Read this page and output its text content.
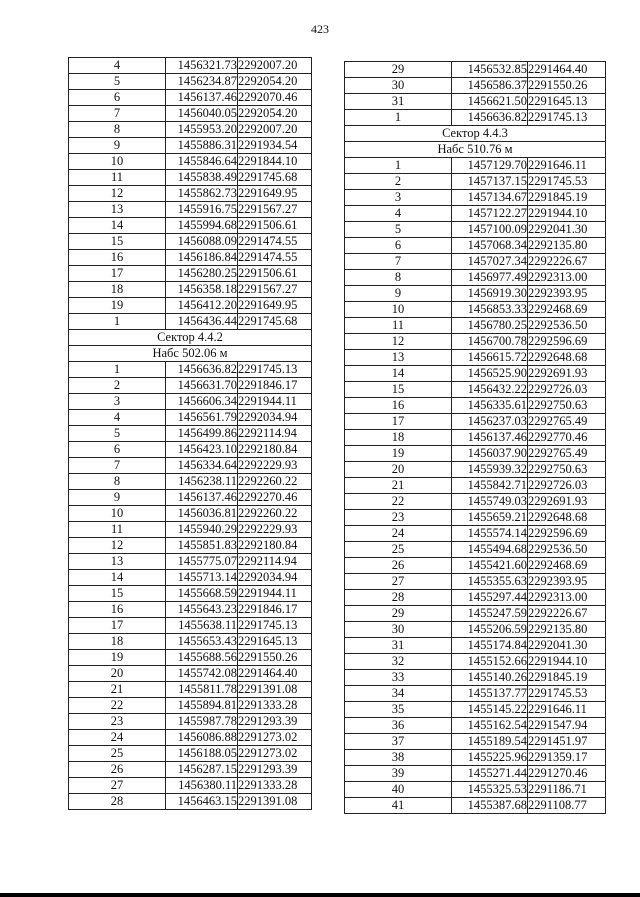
423
4	1456321.73	2292007.20
5	1456234.87	2292054.20
6	1456137.46	2292070.46
7	1456040.05	2292054.20
8	1455953.20	2292007.20
9	1455886.31	2291934.54
10	1455846.64	2291844.10
11	1455838.49	2291745.68
12	1455862.73	2291649.95
13	1455916.75	2291567.27
14	1455994.68	2291506.61
15	1456088.09	2291474.55
16	1456186.84	2291474.55
17	1456280.25	2291506.61
18	1456358.18	2291567.27
19	1456412.20	2291649.95
1	1456436.44	2291745.68
Сектор 4.4.2		
Набс 502.06 м		
1	1456636.82	2291745.13
2	1456631.70	2291846.17
3	1456606.34	2291944.11
4	1456561.79	2292034.94
5	1456499.86	2292114.94
6	1456423.10	2292180.84
7	1456334.64	2292229.93
8	1456238.11	2292260.22
9	1456137.46	2292270.46
10	1456036.81	2292260.22
11	1455940.29	2292229.93
12	1455851.83	2292180.84
13	1455775.07	2292114.94
14	1455713.14	2292034.94
15	1455668.59	2291944.11
16	1455643.23	2291846.17
17	1455638.11	2291745.13
18	1455653.43	2291645.13
19	1455688.56	2291550.26
20	1455742.08	2291464.40
21	1455811.78	2291391.08
22	1455894.81	2291333.28
23	1455987.78	2291293.39
24	1456086.88	2291273.02
25	1456188.05	2291273.02
26	1456287.15	2291293.39
27	1456380.11	2291333.28
28	1456463.15	2291391.08
29	1456532.85	2291464.40
30	1456586.37	2291550.26
31	1456621.50	2291645.13
1	1456636.82	2291745.13
Сектор 4.4.3		
Набс 510.76 м		
1	1457129.70	2291646.11
2	1457137.15	2291745.53
3	1457134.67	2291845.19
4	1457122.27	2291944.10
5	1457100.09	2292041.30
6	1457068.34	2292135.80
7	1457027.34	2292226.67
8	1456977.49	2292313.00
9	1456919.30	2292393.95
10	1456853.33	2292468.69
11	1456780.25	2292536.50
12	1456700.78	2292596.69
13	1456615.72	2292648.68
14	1456525.90	2292691.93
15	1456432.22	2292726.03
16	1456335.61	2292750.63
17	1456237.03	2292765.49
18	1456137.46	2292770.46
19	1456037.90	2292765.49
20	1455939.32	2292750.63
21	1455842.71	2292726.03
22	1455749.03	2292691.93
23	1455659.21	2292648.68
24	1455574.14	2292596.69
25	1455494.68	2292536.50
26	1455421.60	2292468.69
27	1455355.63	2292393.95
28	1455297.44	2292313.00
29	1455247.59	2292226.67
30	1455206.59	2292135.80
31	1455174.84	2292041.30
32	1455152.66	2291944.10
33	1455140.26	2291845.19
34	1455137.77	2291745.53
35	1455145.22	2291646.11
36	1455162.54	2291547.94
37	1455189.54	2291451.97
38	1455225.96	2291359.17
39	1455271.44	2291270.46
40	1455325.53	2291186.71
41	1455387.68	2291108.77
